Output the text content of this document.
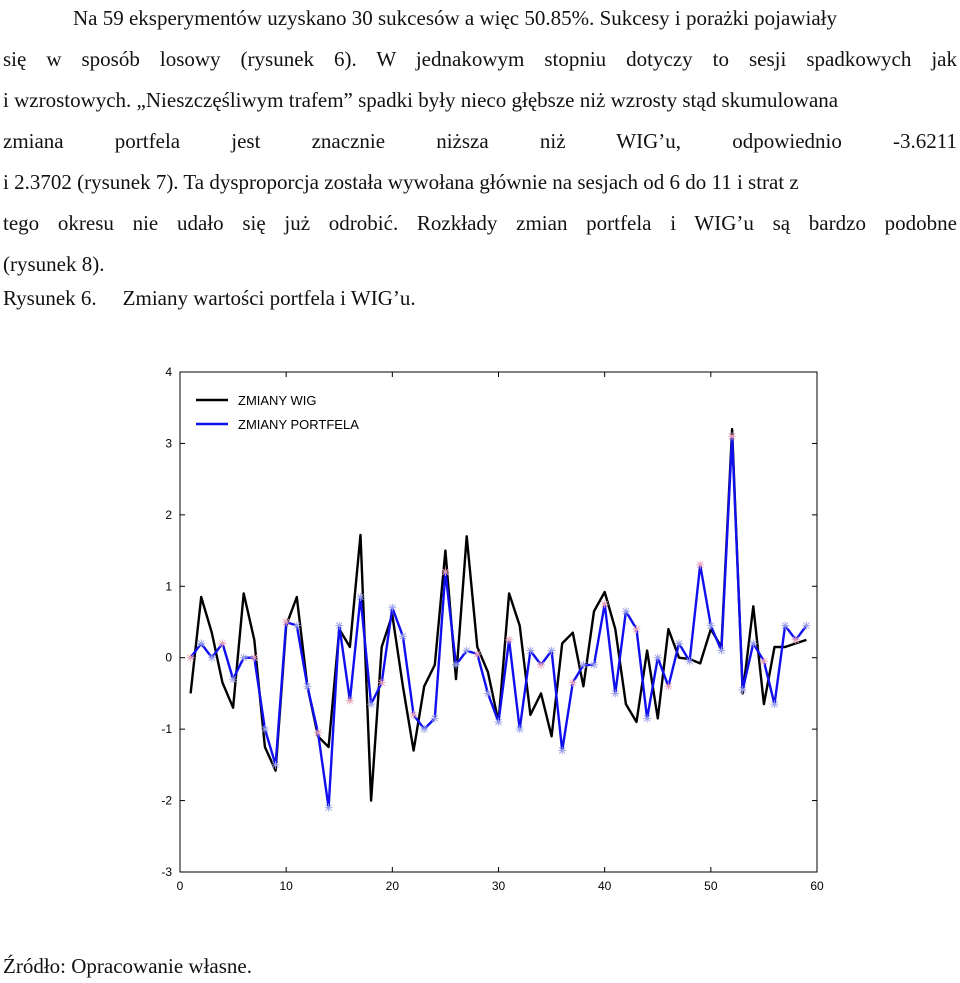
Na 59 eksperymentów uzyskano 30 sukcesów a więc 50.85%. Sukcesy i porażki pojawiały
się w sposób losowy (rysunek 6). W jednakowym stopniu dotyczy to sesji spadkowych jak
i wzrostowych. „Nieszczęśliwym trafem” spadki były nieco głębsze niż wzrosty stąd skumulowana
zmiana portfela jest znacznie niższa niż WIG’u, odpowiednio -3.6211
i 2.3702 (rysunek 7). Ta dysproporcja została wywołana głównie na sesjach od 6 do 11 i strat z
tego okresu nie udało się już odrobić. Rozkłady zmian portfela i WIG’u są bardzo podobne
(rysunek 8).
Rysunek 6. Zmiany wartości portfela i WIG’u.
0	10	20	30	40	50	60
-3
-2
-1
0
1
2
3
4
ZMIANY WIG
ZMIANY PORTFELA
Źródło: Opracowanie własne.
